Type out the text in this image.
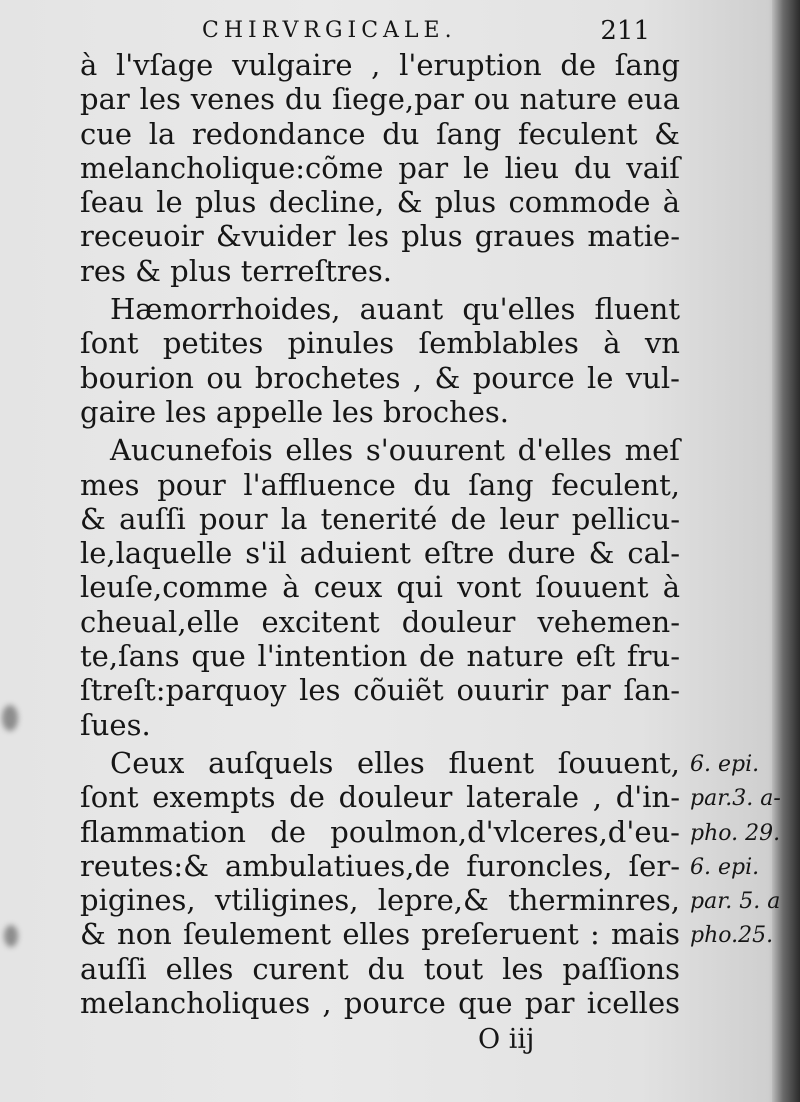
CHIRVRGICALE.	211
à l'vſage vulgaire , l'eruption de ſang
par les venes du ſiege,par ou nature eua
cue la redondance du ſang feculent &
melancholique:cõme par le lieu du vaiſ
ſeau le plus decline, & plus commode à
receuoir &vuider les plus graues matie-
res & plus terreſtres.
Hæmorrhoides, auant qu'elles fluent
ſont petites pinules ſemblables à vn
bourion ou brochetes , & pource le vul-
gaire les appelle les broches.
Aucunefois elles s'ouurent d'elles meſ
mes pour l'affluence du ſang feculent,
& auſſi pour la tenerité de leur pellicu-
le,laquelle s'il aduient eſtre dure & cal-
leuſe,comme à ceux qui vont ſouuent à
cheual,elle excitent douleur vehemen-
te,ſans que l'intention de nature eſt fru-
ſtreſt:parquoy les cõuiẽt ouurir par ſan-
ſues.
Ceux auſquels elles fluent ſouuent,
ſont exempts de douleur laterale , d'in-
flammation de poulmon,d'vlceres,d'eu-
reutes:& ambulatiues,de furoncles, ſer-
pigines, vtiligines, lepre,& therminres,
& non ſeulement elles preſeruent : mais
auſſi elles curent du tout les paſſions
melancholiques , pource que par icelles
6. epi.
par.3. a-
pho. 29.
6. epi.
par. 5. a
pho.25.
O iij
